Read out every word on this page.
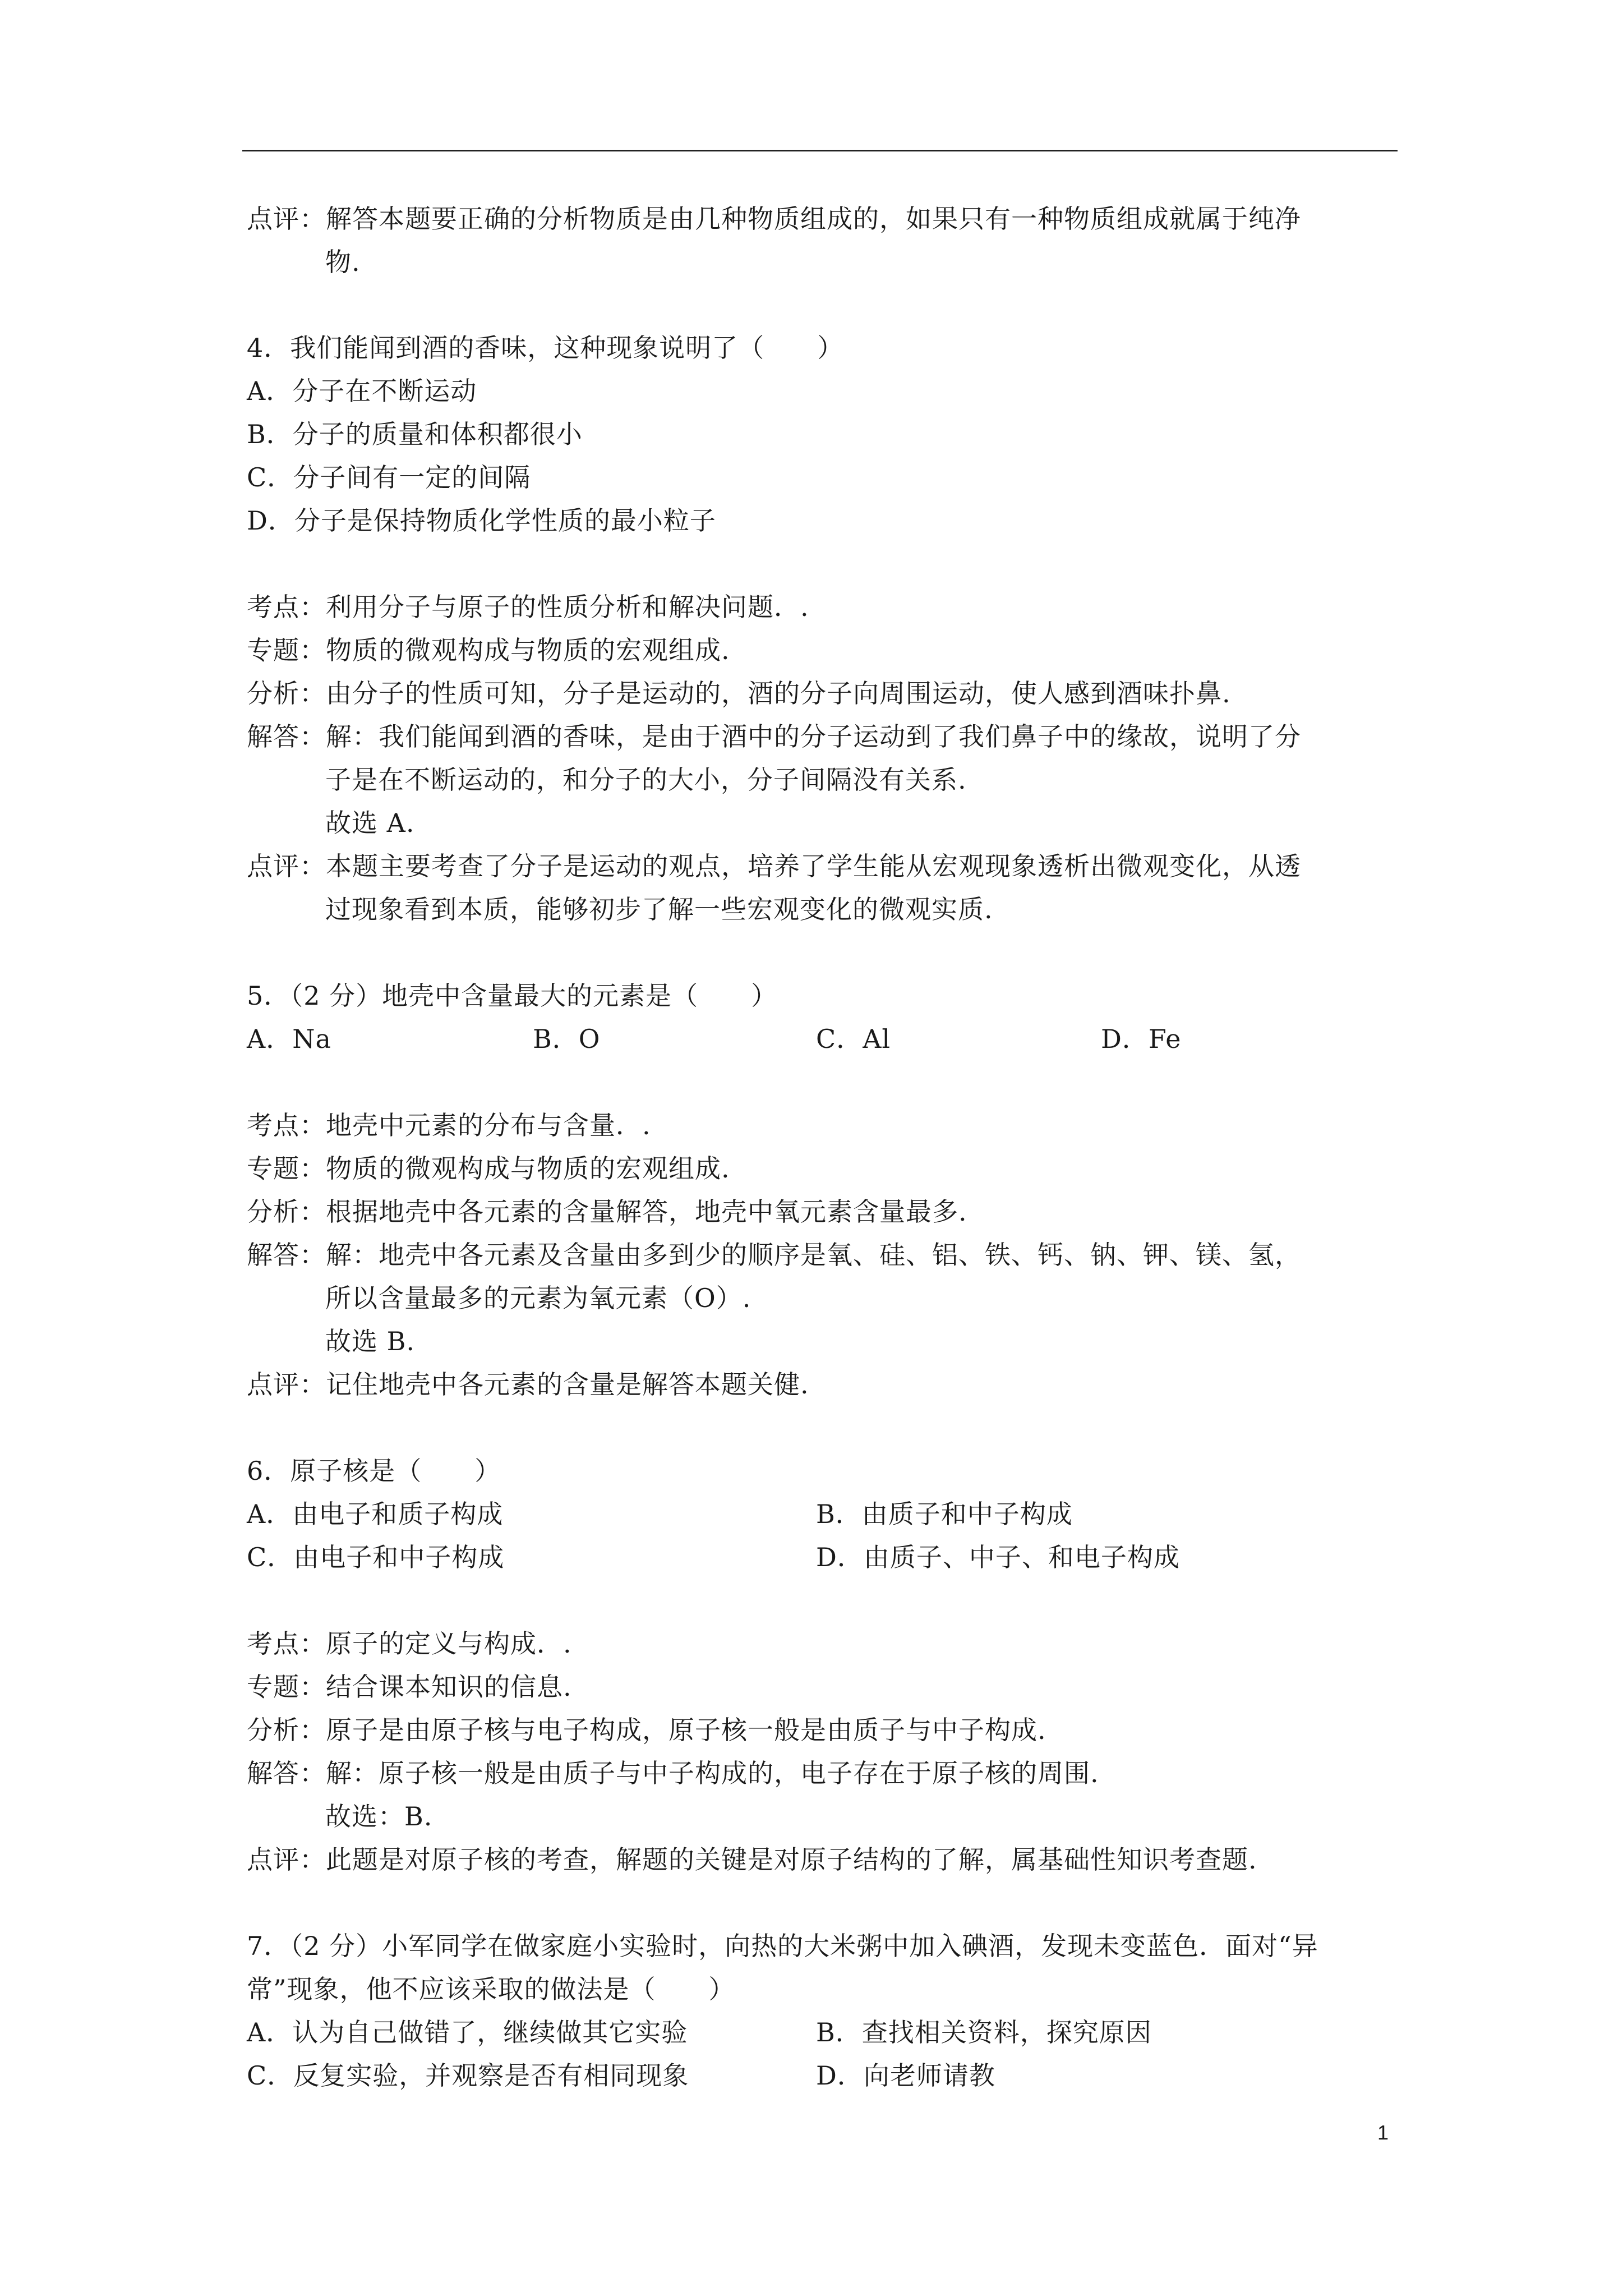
点评：解答本题要正确的分析物质是由几种物质组成的，如果只有一种物质组成就属于纯净
物.
4．我们能闻到酒的香味，这种现象说明了（　　）
A．分子在不断运动
B．分子的质量和体积都很小
C．分子间有一定的间隔
D．分子是保持物质化学性质的最小粒子
考点：利用分子与原子的性质分析和解决问题．.
专题：物质的微观构成与物质的宏观组成.
分析：由分子的性质可知，分子是运动的，酒的分子向周围运动，使人感到酒味扑鼻.
解答：解：我们能闻到酒的香味，是由于酒中的分子运动到了我们鼻子中的缘故，说明了分
子是在不断运动的，和分子的大小，分子间隔没有关系.
故选 A.
点评：本题主要考查了分子是运动的观点，培养了学生能从宏观现象透析出微观变化，从透
过现象看到本质，能够初步了解一些宏观变化的微观实质.
5．（2 分）地壳中含量最大的元素是（　　）
A．Na	B．O	C．Al	D．Fe
考点：地壳中元素的分布与含量．.
专题：物质的微观构成与物质的宏观组成.
分析：根据地壳中各元素的含量解答，地壳中氧元素含量最多.
解答：解：地壳中各元素及含量由多到少的顺序是氧、硅、铝、铁、钙、钠、钾、镁、氢，
所以含量最多的元素为氧元素（O）.
故选 B.
点评：记住地壳中各元素的含量是解答本题关健.
6．原子核是（　　）
A．由电子和质子构成	B．由质子和中子构成
C．由电子和中子构成	D．由质子、中子、和电子构成
考点：原子的定义与构成．.
专题：结合课本知识的信息.
分析：原子是由原子核与电子构成，原子核一般是由质子与中子构成.
解答：解：原子核一般是由质子与中子构成的，电子存在于原子核的周围.
故选：B.
点评：此题是对原子核的考查，解题的关键是对原子结构的了解，属基础性知识考查题.
7．（2 分）小军同学在做家庭小实验时，向热的大米粥中加入碘酒，发现未变蓝色．面对“异
常”现象，他不应该采取的做法是（　　）
A．认为自己做错了，继续做其它实验	B．查找相关资料，探究原因
C．反复实验，并观察是否有相同现象	D．向老师请教
1
